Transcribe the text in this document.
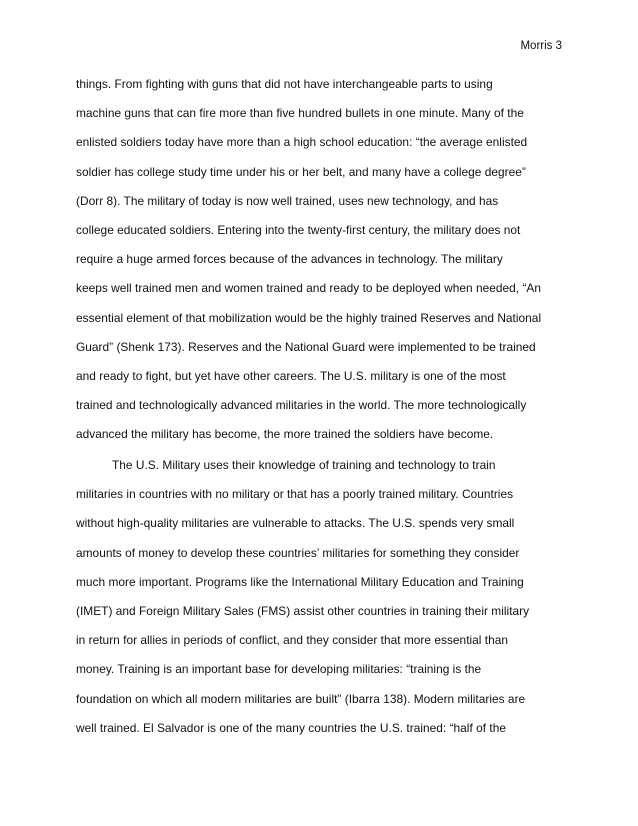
Morris 3
things. From fighting with guns that did not have interchangeable parts to using
machine guns that can fire more than five hundred bullets in one minute. Many of the
enlisted soldiers today have more than a high school education: “the average enlisted
soldier has college study time under his or her belt, and many have a college degree”
(Dorr 8). The military of today is now well trained, uses new technology, and has
college educated soldiers. Entering into the twenty-first century, the military does not
require a huge armed forces because of the advances in technology. The military
keeps well trained men and women trained and ready to be deployed when needed, “An
essential element of that mobilization would be the highly trained Reserves and National
Guard” (Shenk 173). Reserves and the National Guard were implemented to be trained
and ready to fight, but yet have other careers. The U.S. military is one of the most
trained and technologically advanced militaries in the world. The more technologically
advanced the military has become, the more trained the soldiers have become.
The U.S. Military uses their knowledge of training and technology to train
militaries in countries with no military or that has a poorly trained military. Countries
without high-quality militaries are vulnerable to attacks. The U.S. spends very small
amounts of money to develop these countries’ militaries for something they consider
much more important. Programs like the International Military Education and Training
(IMET) and Foreign Military Sales (FMS) assist other countries in training their military
in return for allies in periods of conflict, and they consider that more essential than
money. Training is an important base for developing militaries: “training is the
foundation on which all modern militaries are built” (Ibarra 138). Modern militaries are
well trained. El Salvador is one of the many countries the U.S. trained: “half of the
